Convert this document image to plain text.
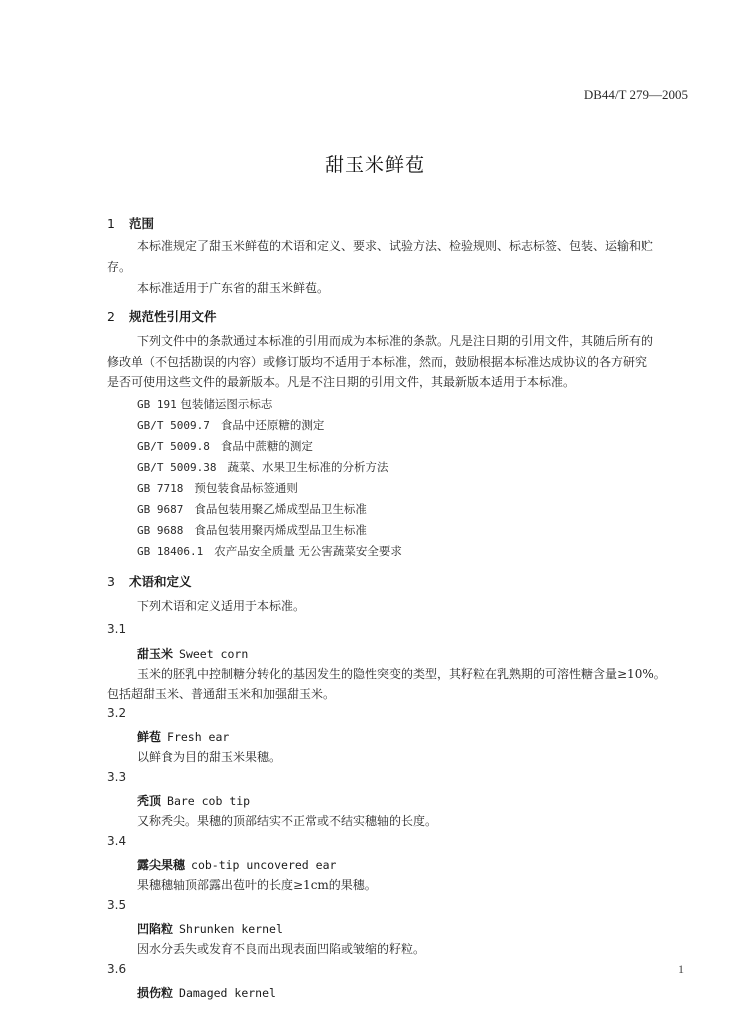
DB44/T 279—2005
甜玉米鲜苞
1 范围
本标准规定了甜玉米鲜苞的术语和定义、要求、试验方法、检验规则、标志标签、包装、运输和贮
存。
本标准适用于广东省的甜玉米鲜苞。
2 规范性引用文件
下列文件中的条款通过本标准的引用而成为本标准的条款。凡是注日期的引用文件，其随后所有的
修改单（不包括勘误的内容）或修订版均不适用于本标准，然而，鼓励根据本标准达成协议的各方研究
是否可使用这些文件的最新版本。凡是不注日期的引用文件，其最新版本适用于本标准。
GB 191 包装储运图示标志
GB/T 5009.7 食品中还原糖的测定
GB/T 5009.8 食品中蔗糖的测定
GB/T 5009.38 蔬菜、水果卫生标准的分析方法
GB 7718 预包装食品标签通则
GB 9687 食品包装用聚乙烯成型品卫生标准
GB 9688 食品包装用聚丙烯成型品卫生标准
GB 18406.1 农产品安全质量 无公害蔬菜安全要求
3 术语和定义
下列术语和定义适用于本标准。
3.1
甜玉米 Sweet corn
玉米的胚乳中控制糖分转化的基因发生的隐性突变的类型，其籽粒在乳熟期的可溶性糖含量≥10%。
包括超甜玉米、普通甜玉米和加强甜玉米。
3.2
鲜苞 Fresh ear
以鲜食为目的甜玉米果穗。
3.3
秃顶 Bare cob tip
又称秃尖。果穗的顶部结实不正常或不结实穗轴的长度。
3.4
露尖果穗 cob-tip uncovered ear
果穗穗轴顶部露出苞叶的长度≥1cm的果穗。
3.5
凹陷粒 Shrunken kernel
因水分丢失或发育不良而出现表面凹陷或皱缩的籽粒。
3.6
损伤粒 Damaged kernel
1
